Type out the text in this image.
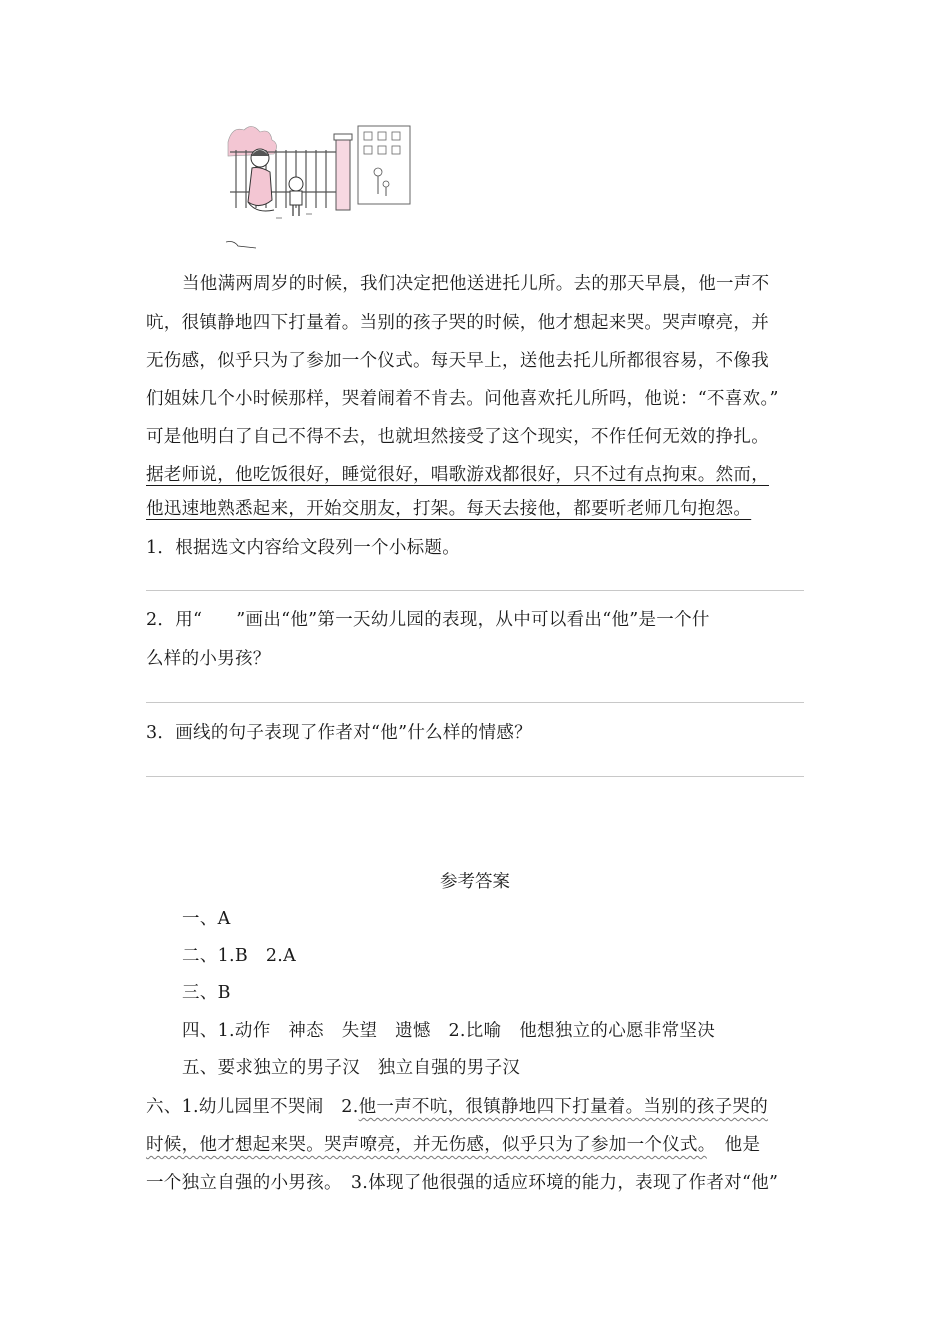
当他满两周岁的时候，我们决定把他送进托儿所。去的那天早晨，他一声不
吭，很镇静地四下打量着。当别的孩子哭的时候，他才想起来哭。哭声嘹亮，并
无伤感，似乎只为了参加一个仪式。每天早上，送他去托儿所都很容易，不像我
们姐妹几个小时候那样，哭着闹着不肯去。问他喜欢托儿所吗，他说：“不喜欢。”
可是他明白了自己不得不去，也就坦然接受了这个现实，不作任何无效的挣扎。
据老师说，他吃饭很好，睡觉很好，唱歌游戏都很好，只不过有点拘束。然而，
他迅速地熟悉起来，开始交朋友，打架。每天去接他，都要听老师几句抱怨。
1．根据选文内容给文段列一个小标题。
2．用“ ”画出“他”第一天幼儿园的表现，从中可以看出“他”是一个什
么样的小男孩？
3．画线的句子表现了作者对“他”什么样的情感？
参考答案
一、A
二、1.B　2.A
三、B
四、1.动作　神态　失望　遗憾　2.比喻　他想独立的心愿非常坚决
五、要求独立的男子汉　独立自强的男子汉
六、1.幼儿园里不哭闹　2.他一声不吭，很镇静地四下打量着。当别的孩子哭的
时候，他才想起来哭。哭声嘹亮，并无伤感，似乎只为了参加一个仪式。　他是
一个独立自强的小男孩。　3.体现了他很强的适应环境的能力，表现了作者对“他”
